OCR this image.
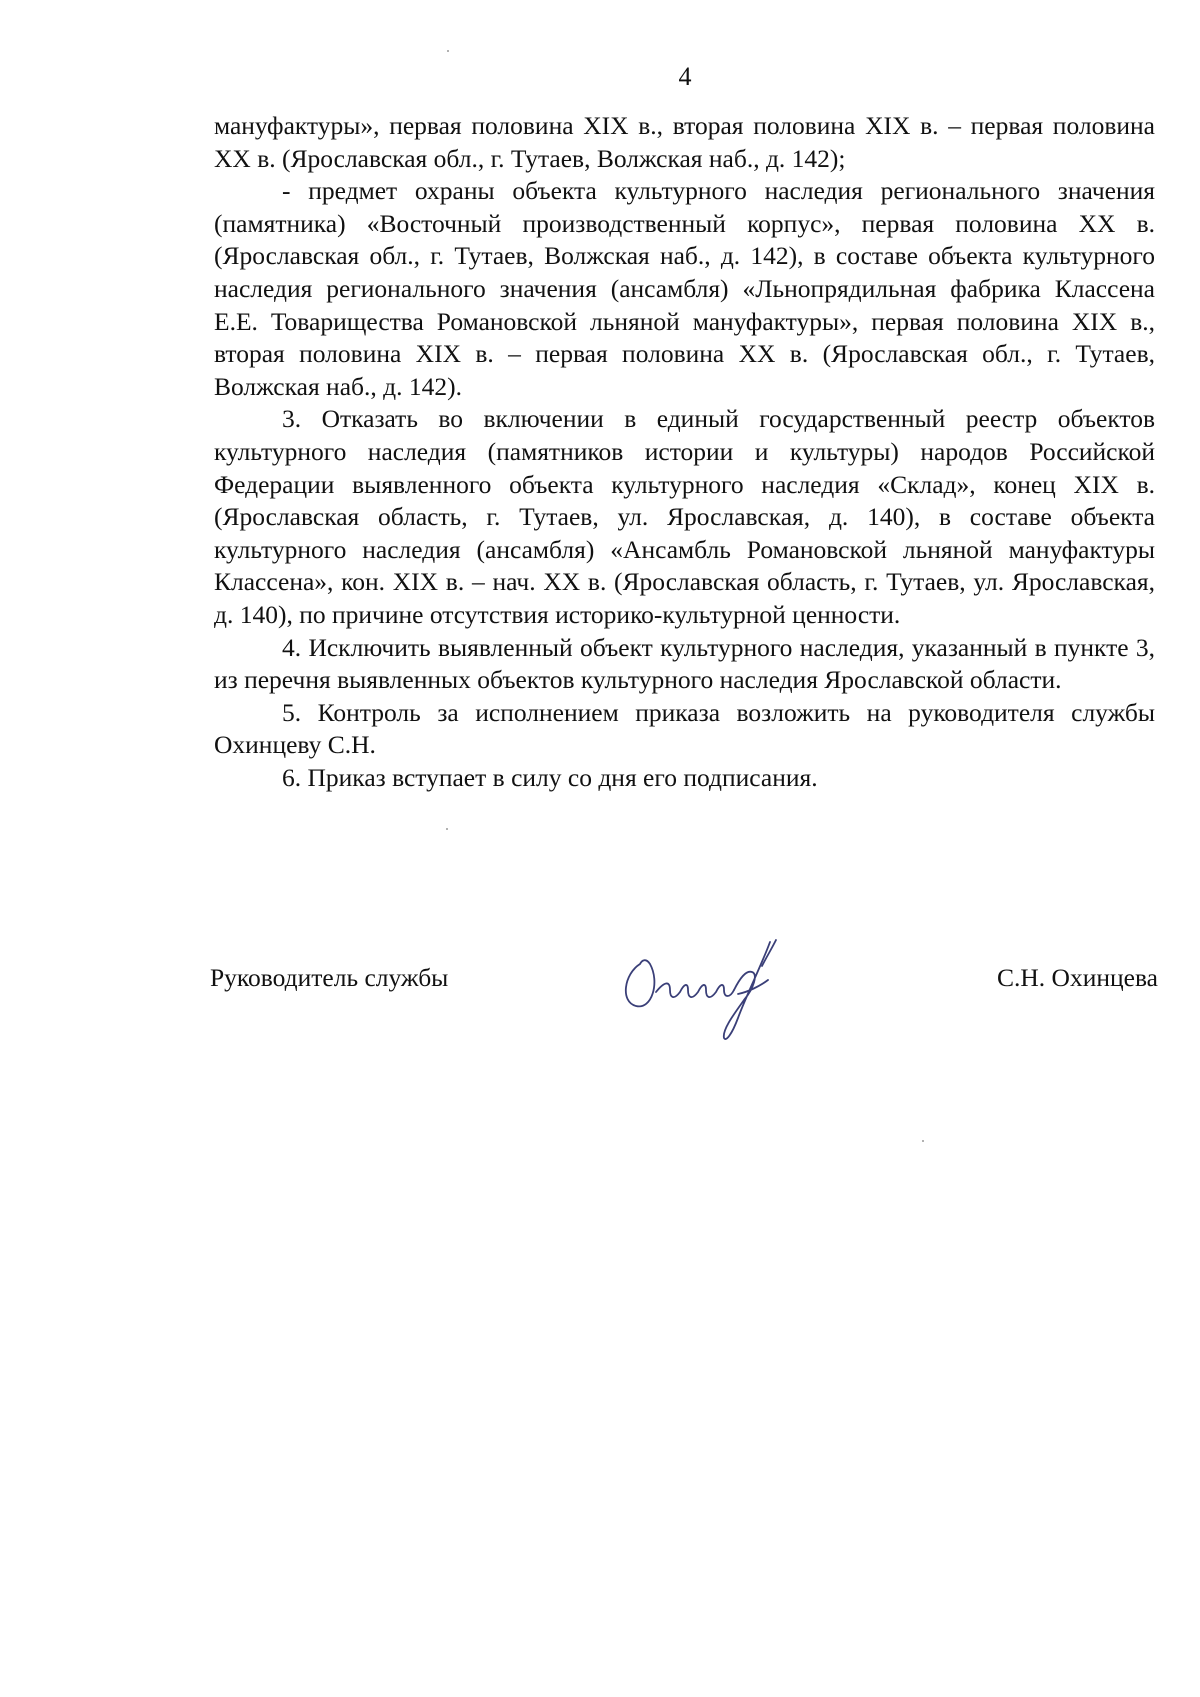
4

мануфактуры», первая половина XIX в., вторая половина XIX в. – первая половина XX в. (Ярославская обл., г. Тутаев, Волжская наб., д. 142);

- предмет охраны объекта культурного наследия регионального значения (памятника) «Восточный производственный корпус», первая половина XX в. (Ярославская обл., г. Тутаев, Волжская наб., д. 142), в составе объекта культурного наследия регионального значения (ансамбля) «Льнопрядильная фабрика Классена Е.Е. Товарищества Романовской льняной мануфактуры», первая половина XIX в., вторая половина XIX в. – первая половина XX в. (Ярославская обл., г. Тутаев, Волжская наб., д. 142).

3. Отказать во включении в единый государственный реестр объектов культурного наследия (памятников истории и культуры) народов Российской Федерации выявленного объекта культурного наследия «Склад», конец XIX в. (Ярославская область, г. Тутаев, ул. Ярославская, д. 140), в составе объекта культурного наследия (ансамбля) «Ансамбль Романовской льняной мануфактуры Классена», кон. XIX в. – нач. XX в. (Ярославская область, г. Тутаев, ул. Ярославская, д. 140), по причине отсутствия историко-культурной ценности.

4. Исключить выявленный объект культурного наследия, указанный в пункте 3, из перечня выявленных объектов культурного наследия Ярославской области.

5. Контроль за исполнением приказа возложить на руководителя службы Охинцеву С.Н.

6. Приказ вступает в силу со дня его подписания.

Руководитель службы	С.Н. Охинцева
